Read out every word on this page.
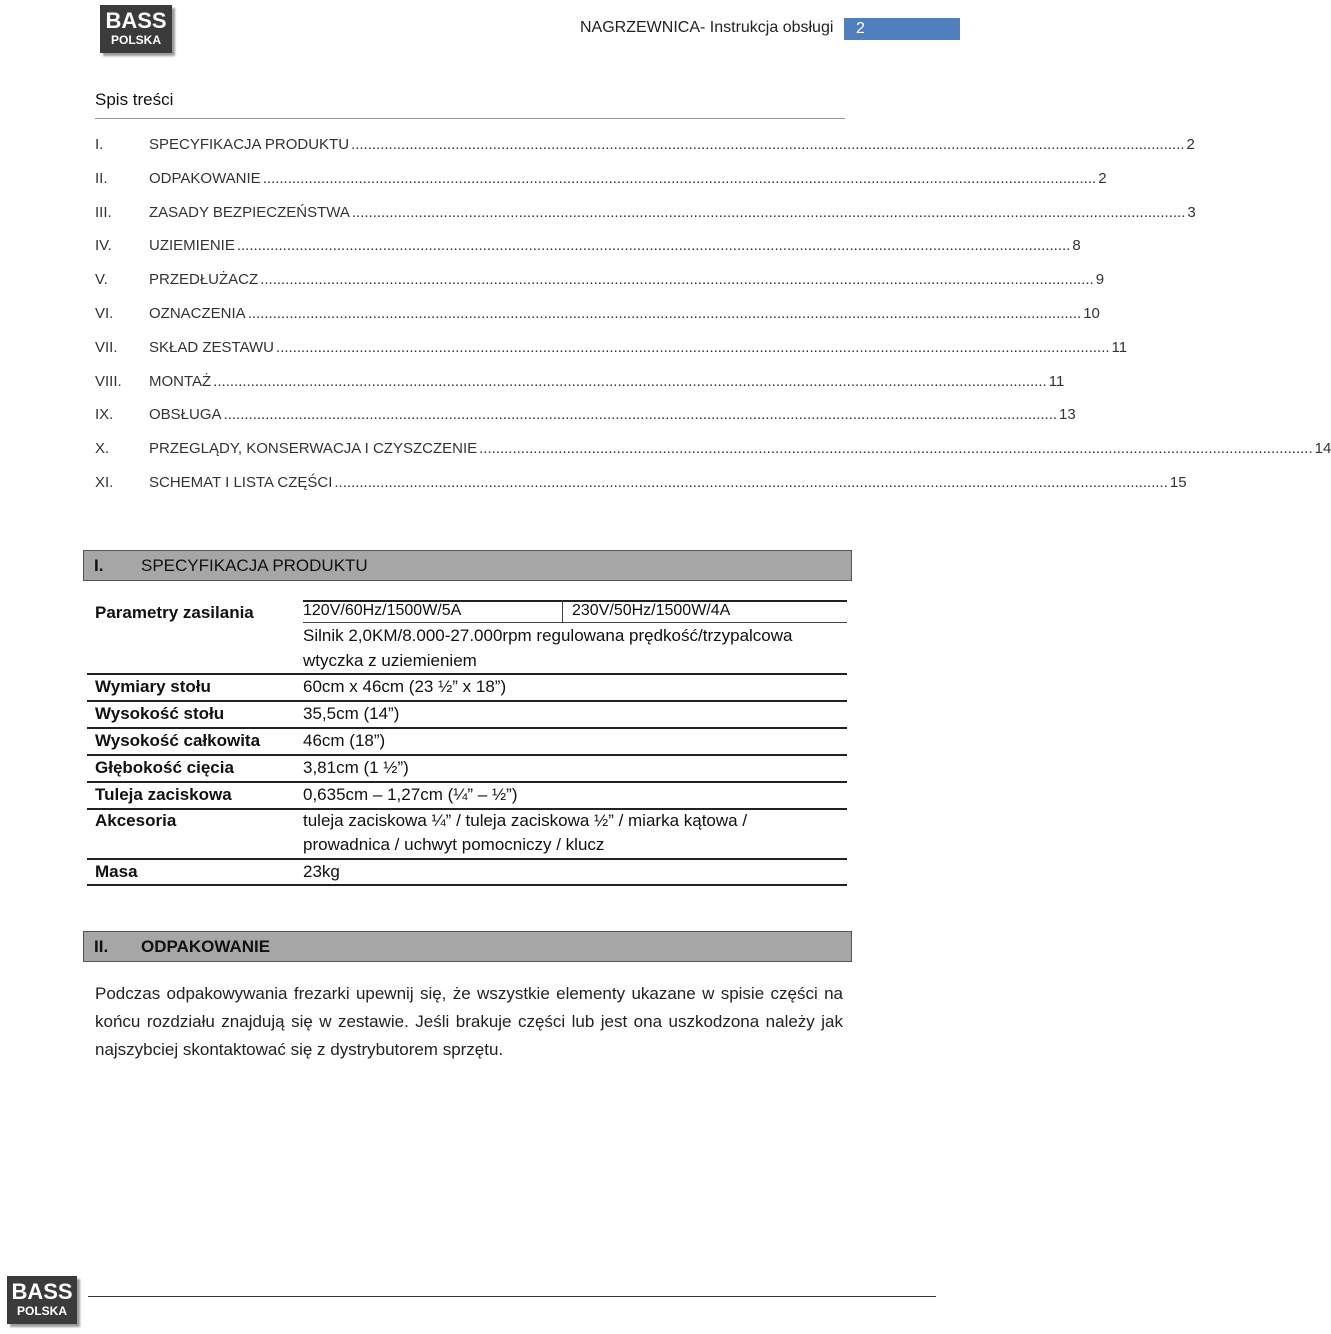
BASS
POLSKA
NAGRZEWNICA- Instrukcja obsługi	2
Spis treści
I.	SPECYFIKACJA PRODUKTU ........................................................................................................................................................................................................ 2
II.	ODPAKOWANIE ........................................................................................................................................................................................................ 2
III.	ZASADY BEZPIECZEŃSTWA ........................................................................................................................................................................................................ 3
IV.	UZIEMIENIE ........................................................................................................................................................................................................ 8
V.	PRZEDŁUŻACZ ........................................................................................................................................................................................................ 9
VI.	OZNACZENIA ........................................................................................................................................................................................................ 10
VII.	SKŁAD ZESTAWU ........................................................................................................................................................................................................ 11
VIII.	MONTAŻ ........................................................................................................................................................................................................ 11
IX.	OBSŁUGA ........................................................................................................................................................................................................ 13
X.	PRZEGLĄDY, KONSERWACJA I CZYSZCZENIE ........................................................................................................................................................................................................ 14
XI.	SCHEMAT I LISTA CZĘŚCI ........................................................................................................................................................................................................ 15
I. SPECYFIKACJA PRODUKTU
Parametry zasilania	120V/60Hz/1500W/5A	230V/50Hz/1500W/4A
Silnik 2,0KM/8.000-27.000rpm regulowana prędkość/trzypalcowa
wtyczka z uziemieniem
Wymiary stołu	60cm x 46cm (23 ½” x 18”)
Wysokość stołu	35,5cm (14”)
Wysokość całkowita	46cm (18”)
Głębokość cięcia	3,81cm (1 ½”)
Tuleja zaciskowa	0,635cm – 1,27cm (¼” – ½”)
Akcesoria	tuleja zaciskowa ¼” / tuleja zaciskowa ½” / miarka kątowa /
prowadnica / uchwyt pomocniczy / klucz
Masa	23kg
II. ODPAKOWANIE
Podczas odpakowywania frezarki upewnij się, że wszystkie elementy ukazane w spisie części na końcu rozdziału znajdują się w zestawie. Jeśli brakuje części lub jest ona uszkodzona należy jak najszybciej skontaktować się z dystrybutorem sprzętu.
BASS
POLSKA
